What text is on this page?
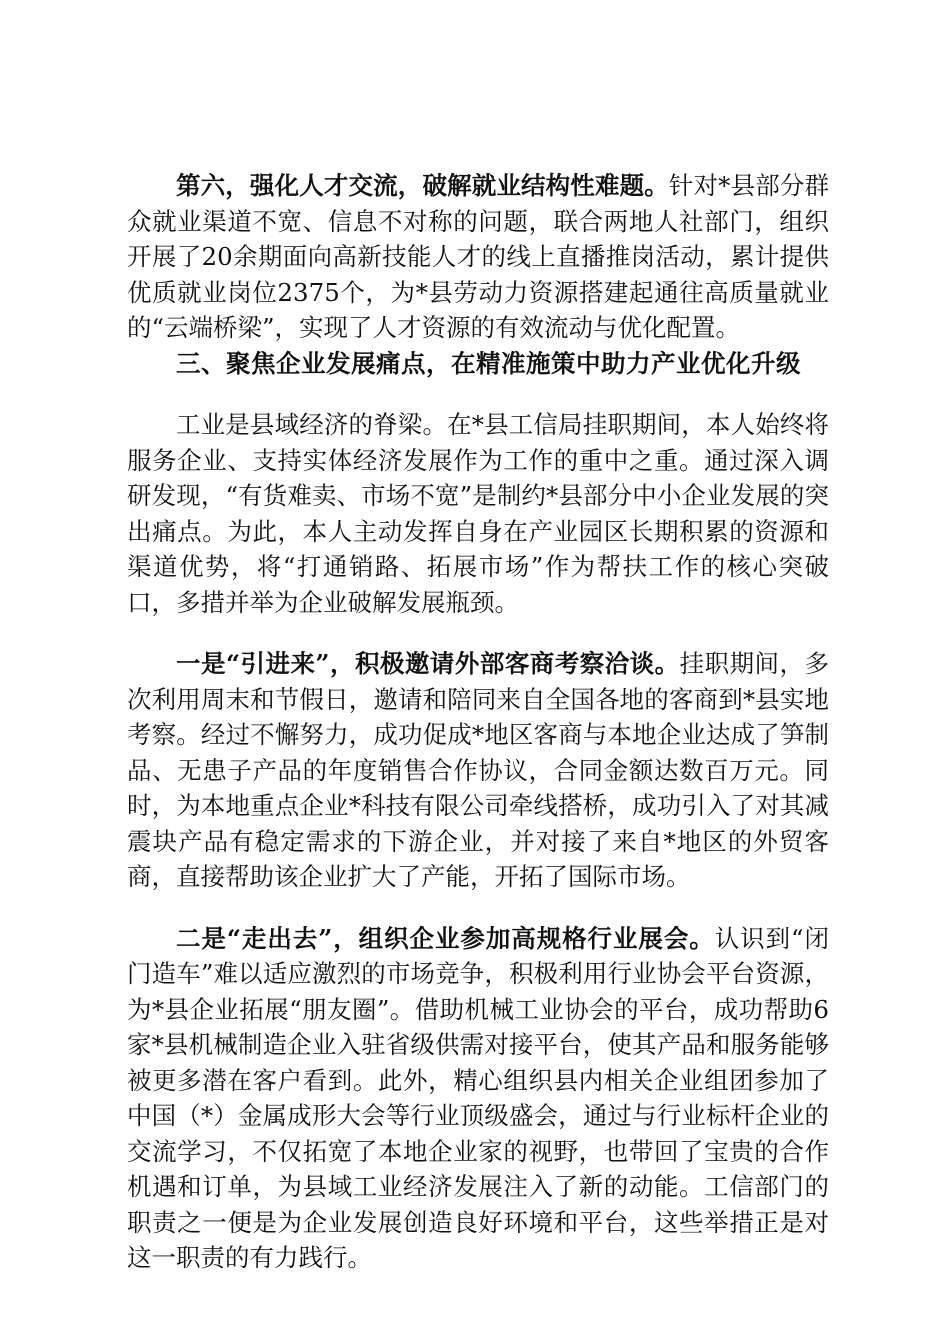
第六，强化人才交流，破解就业结构性难题。针对*县部分群众就业渠道不宽、信息不对称的问题，联合两地人社部门，组织开展了20余期面向高新技能人才的线上直播推岗活动，累计提供优质就业岗位2375个，为*县劳动力资源搭建起通往高质量就业的“云端桥梁”，实现了人才资源的有效流动与优化配置。

三、聚焦企业发展痛点，在精准施策中助力产业优化升级

工业是县域经济的脊梁。在*县工信局挂职期间，本人始终将服务企业、支持实体经济发展作为工作的重中之重。通过深入调研发现，“有货难卖、市场不宽”是制约*县部分中小企业发展的突出痛点。为此，本人主动发挥自身在产业园区长期积累的资源和渠道优势，将“打通销路、拓展市场”作为帮扶工作的核心突破口，多措并举为企业破解发展瓶颈。

一是“引进来”，积极邀请外部客商考察洽谈。挂职期间，多次利用周末和节假日，邀请和陪同来自全国各地的客商到*县实地考察。经过不懈努力，成功促成*地区客商与本地企业达成了笋制品、无患子产品的年度销售合作协议，合同金额达数百万元。同时，为本地重点企业*科技有限公司牵线搭桥，成功引入了对其减震块产品有稳定需求的下游企业，并对接了来自*地区的外贸客商，直接帮助该企业扩大了产能，开拓了国际市场。

二是“走出去”，组织企业参加高规格行业展会。认识到“闭门造车”难以适应激烈的市场竞争，积极利用行业协会平台资源，为*县企业拓展“朋友圈”。借助机械工业协会的平台，成功帮助6家*县机械制造企业入驻省级供需对接平台，使其产品和服务能够被更多潜在客户看到。此外，精心组织县内相关企业组团参加了中国（*）金属成形大会等行业顶级盛会，通过与行业标杆企业的交流学习，不仅拓宽了本地企业家的视野，也带回了宝贵的合作机遇和订单，为县域工业经济发展注入了新的动能。工信部门的职责之一便是为企业发展创造良好环境和平台，这些举措正是对这一职责的有力践行。
